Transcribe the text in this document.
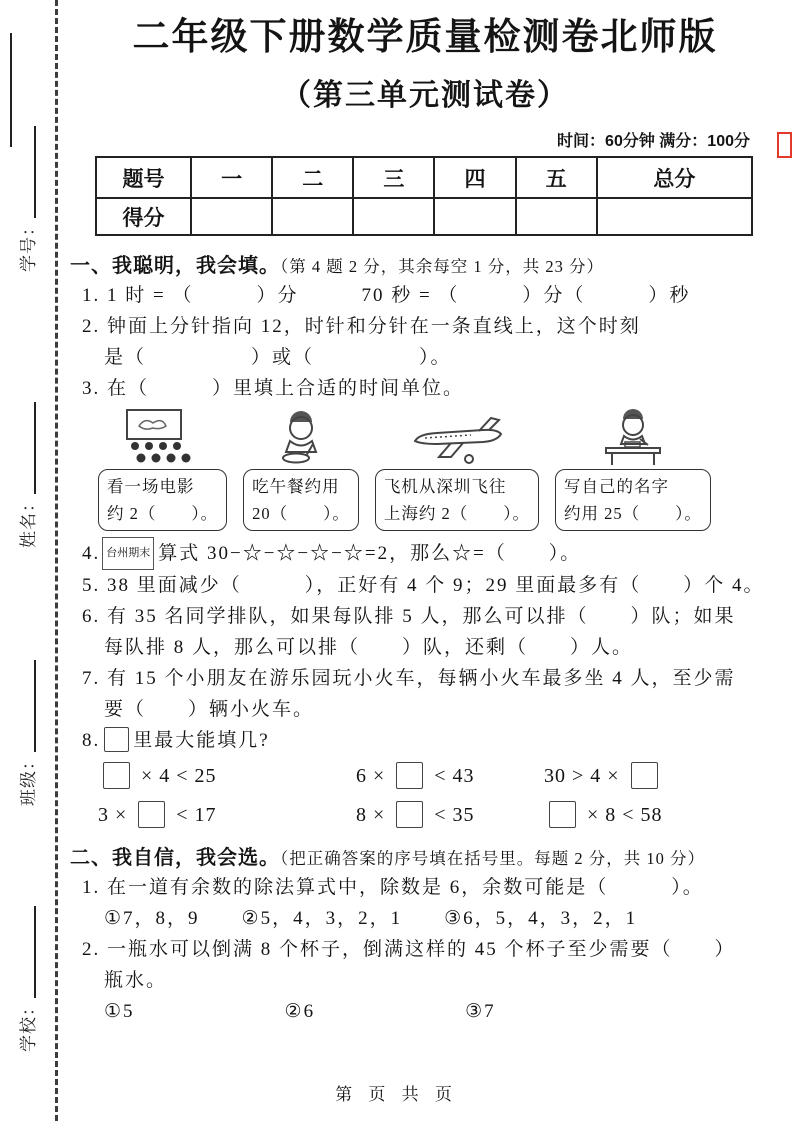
学号：
姓名：
班级：
学校：
二年级下册数学质量检测卷北师版
（第三单元测试卷）
时间：60分钟 满分：100分
题号	一	二	三	四	五	总分
得分						
一、我聪明，我会填。（第 4 题 2 分，其余每空 1 分，共 23 分）
1. 1 时 = （　　　）分　　　70 秒 = （　　　）分（　　　）秒
2. 钟面上分针指向 12，时针和分针在一条直线上，这个时刻
是（　　　　　）或（　　　　　）。
3. 在（　　　）里填上合适的时间单位。
看一场电影
约 2（　　）。
吃午餐约用
20（　　）。
飞机从深圳飞往
上海约 2（　　）。
写自己的名字
约用 25（　　）。
4. 台州期末 算式 30−☆−☆−☆−☆=2，那么☆=（　　）。
5. 38 里面减少（　　　），正好有 4 个 9；29 里面最多有（　　）个 4。
6. 有 35 名同学排队，如果每队排 5 人，那么可以排（　　）队；如果
每队排 8 人，那么可以排（　　）队，还剩（　　）人。
7. 有 15 个小朋友在游乐园玩小火车，每辆小火车最多坐 4 人，至少需
要（　　）辆小火车。
8. 里最大能填几?
× 4 < 25	6 ×  < 43	30 > 4 ×
3 ×  < 17	8 ×  < 35	× 8 < 58
二、我自信，我会选。（把正确答案的序号填在括号里。每题 2 分，共 10 分）
1. 在一道有余数的除法算式中，除数是 6，余数可能是（　　　）。
①7，8，9 ②5，4，3，2，1 ③6，5，4，3，2，1
2. 一瓶水可以倒满 8 个杯子，倒满这样的 45 个杯子至少需要（　　）
瓶水。
①5	②6	③7
第 页 共 页
